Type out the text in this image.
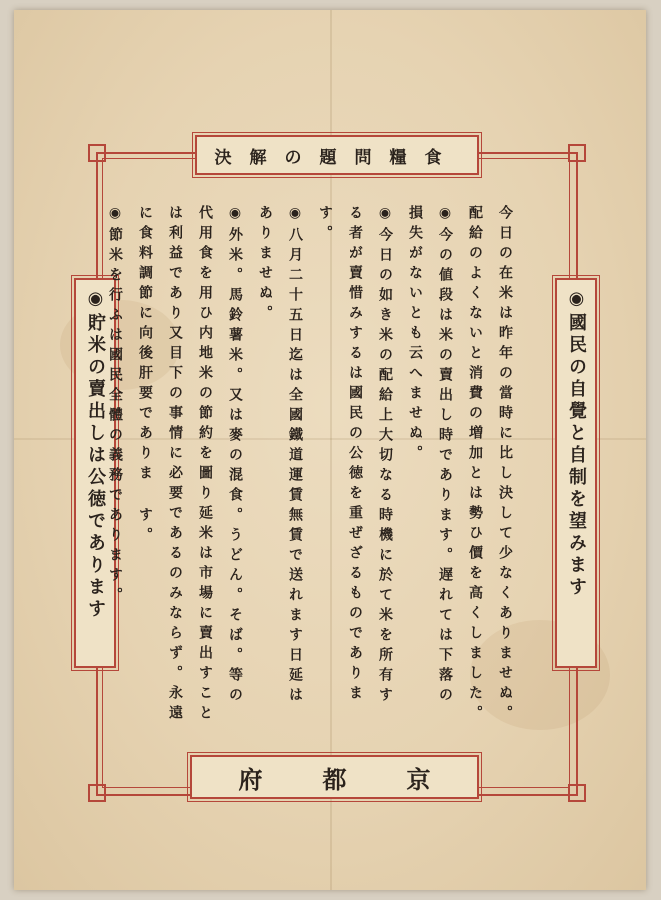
食糧問題の解決
◉國民の自覺と自制を望みます
◉貯米の賣出しは公徳であります	今日の在米は昨年の當時に比し決して少なくありませぬ。配給のよくないと消費の増加とは勢ひ價を高くしました。

◉今の値段は米の賣出し時であります。遅れては下落の損失がないとも云へませぬ。

◉今日の如き米の配給上大切なる時機に於て米を所有する者が賣惜みするは國民の公徳を重ぜざるものであります。

◉八月二十五日迄は全國鐵道運賃無賃で送れます日延はありませぬ。

◉外米。馬鈴薯米。又は麥の混食。うどん。そば。等の代用食を用ひ内地米の節約を圖り延米は市場に賣出すことは利益であり又目下の事情に必要であるのみならず。永遠に食料調節に向後肝要でありま す。

◉節米を行ふは國民全體の義務であります。

京都府
